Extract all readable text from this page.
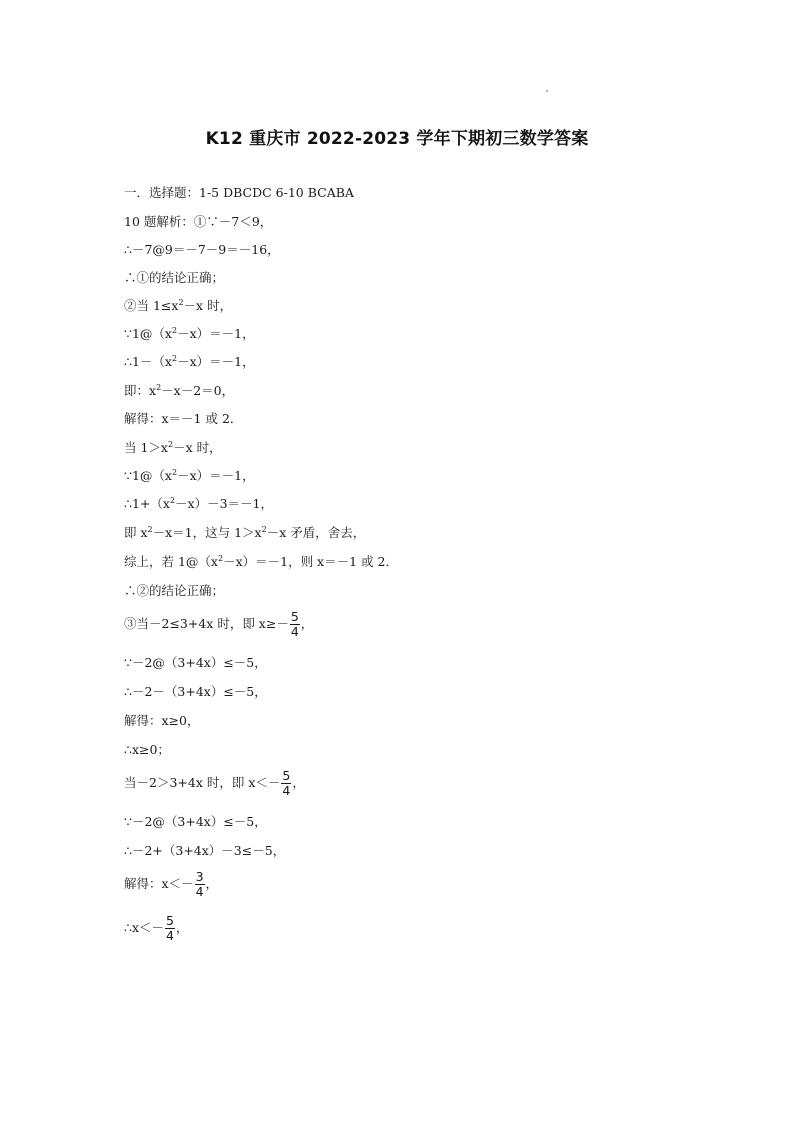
K12 重庆市 2022-2023 学年下期初三数学答案
一．选择题：1-5 DBCDC 6-10 BCABA
10 题解析：①∵－7＜9，
∴－7@9＝－7－9＝－16，
∴①的结论正确；
②当 $1\le x^2-x$ 时，
$\because 1@(x^2-x)=-1$，
$\therefore 1-(x^2-x)=-1$，
即：$x^2-x-2=0$，
解得：x＝－1 或 2．
当 $1>x^2-x$ 时，
$\because 1@(x^2-x)=-1$，
$\therefore 1+(x^2-x)-3=-1$，
即 $x^2-x=1$，这与 $1>x^2-x$ 矛盾，舍去，
综上，若 $1@(x^2-x)=-1$，则 x＝－1 或 2．
∴②的结论正确；
③当－2≤3+4x 时，即 $x\ge- \frac{5}{4}$ ，
∵－2@（3+4x）≤－5，
∴－2－（3+4x）≤－5，
解得：x≥0，
∴x≥0；
当－2＞3+4x 时，即 $x<- \frac{5}{4}$ ，
∵－2@（3+4x）≤－5，
∴－2+（3+4x）－3≤－5，
解得：$x<- \frac{3}{4}$ ，
∴x＜－ $\frac{5}{4}$ ，
